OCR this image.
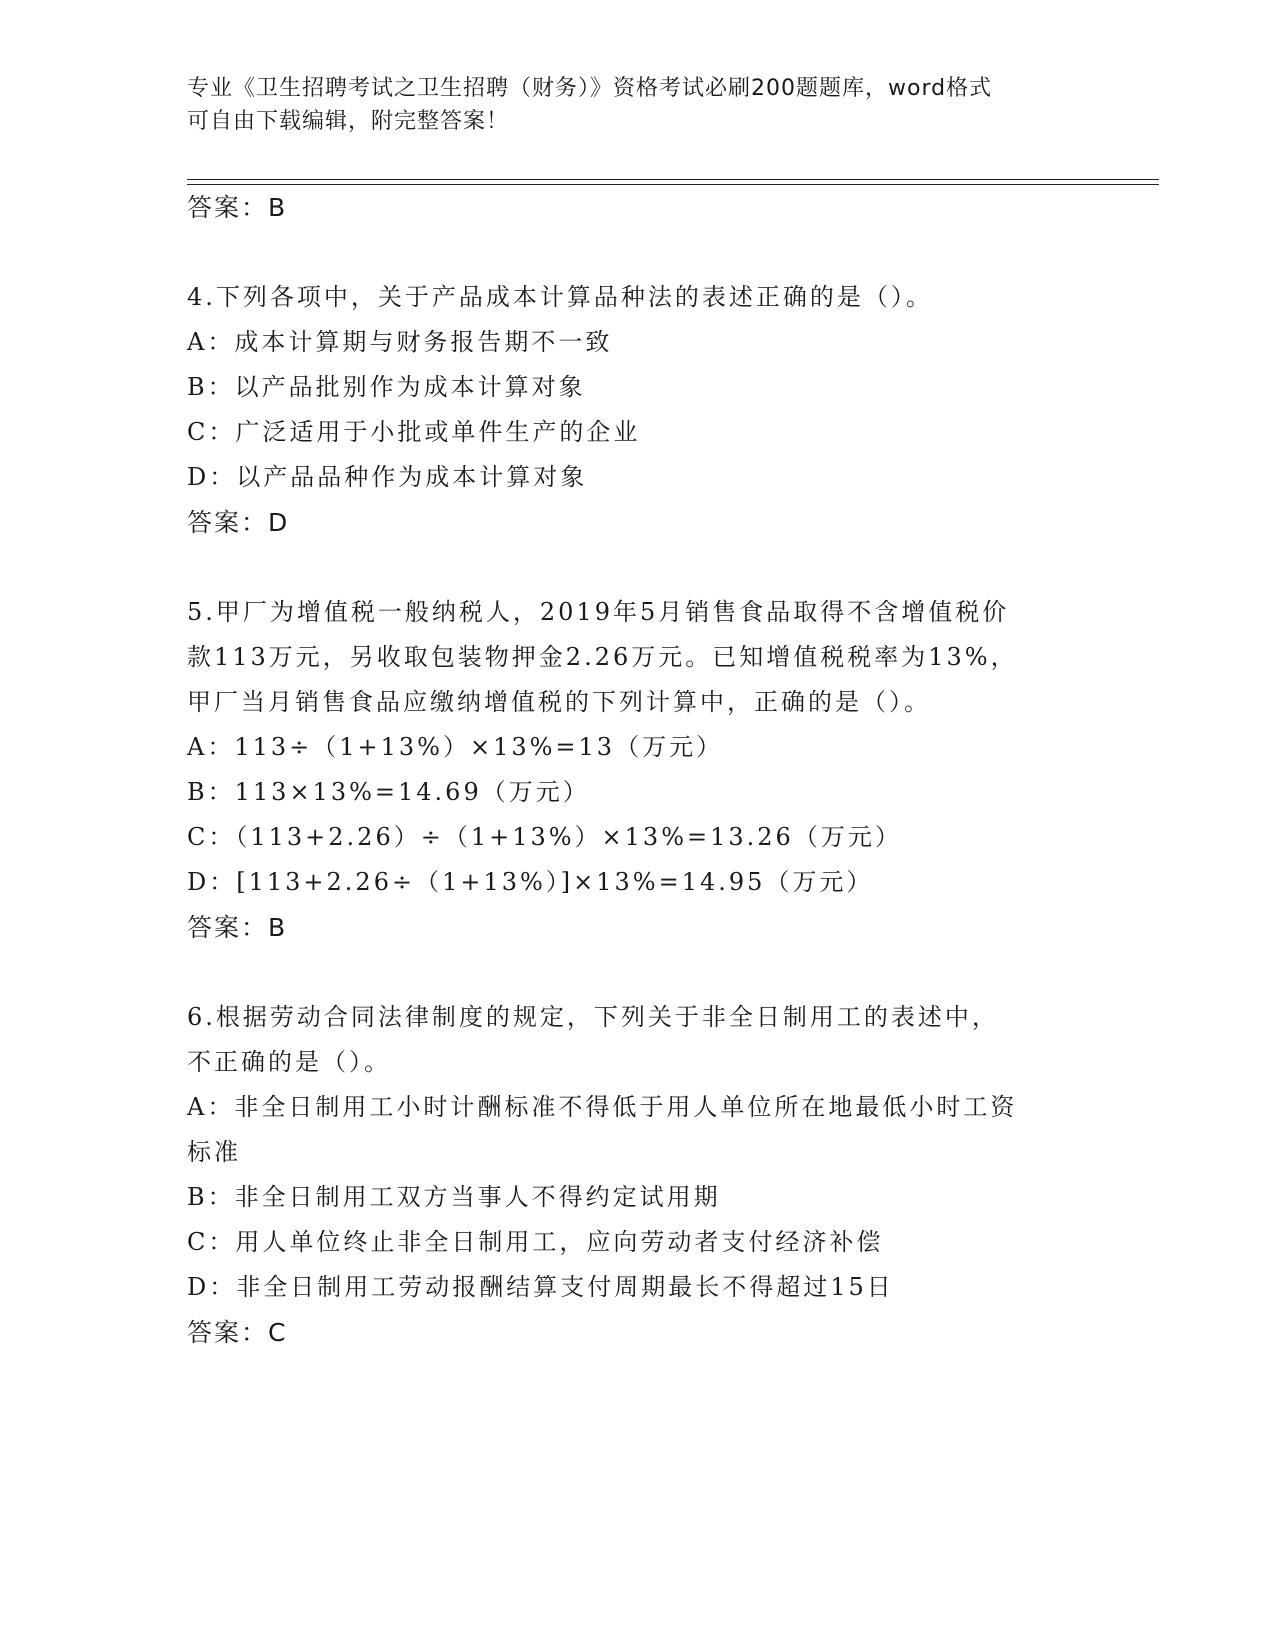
专业《卫生招聘考试之卫生招聘（财务）》资格考试必刷200题题库，word格式
可自由下载编辑，附完整答案！
答案：B
4.下列各项中，关于产品成本计算品种法的表述正确的是（）。
A：成本计算期与财务报告期不一致
B：以产品批别作为成本计算对象
C：广泛适用于小批或单件生产的企业
D：以产品品种作为成本计算对象
答案：D
5.甲厂为增值税一般纳税人，2019年5月销售食品取得不含增值税价
款113万元，另收取包装物押金2.26万元。已知增值税税率为13%，
甲厂当月销售食品应缴纳增值税的下列计算中，正确的是（）。
A：113÷（1+13%）×13%=13（万元）
B：113×13%=14.69（万元）
C：（113+2.26）÷（1+13%）×13%=13.26（万元）
D：[113+2.26÷（1+13%）]×13%=14.95（万元）
答案：B
6.根据劳动合同法律制度的规定，下列关于非全日制用工的表述中，
不正确的是（）。
A：非全日制用工小时计酬标准不得低于用人单位所在地最低小时工资
标准
B：非全日制用工双方当事人不得约定试用期
C：用人单位终止非全日制用工，应向劳动者支付经济补偿
D：非全日制用工劳动报酬结算支付周期最长不得超过15日
答案：C
